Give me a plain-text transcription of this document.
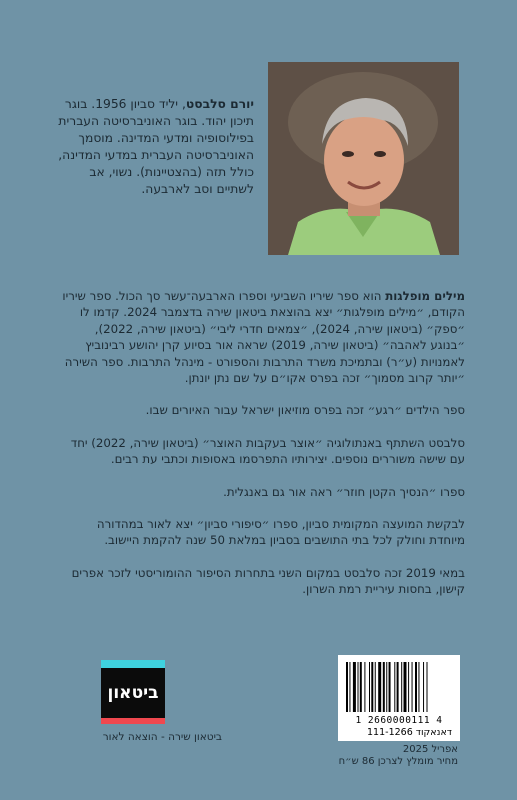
יורם סלבסט, יליד סביון 1956. בוגר תיכון יהוד. בוגר האוניברסיטה העברית בפילוסופיה ומדעי המדינה. מוסמך האוניברסיטה העברית במדעי המדינה, כולל תזה (בהצטיינות). נשוי, אב לשתיים וסב לארבעה.

מילים מופלגות הוא ספר שיריו השביעי וספרו הארבעה־עשר סך הכול. ספר שיריו הקודם, ״מילים מופלגות״ יצא בהוצאת ביטאון שירה בדצמבר 2024. קדמו לו ״ספק״ (ביטאון שירה, 2024), ״צמאים חדרי ליבי״ (ביטאון שירה, 2022), ״בנוגע לאהבה״ (ביטאון שירה, 2019) שראה אור בסיוע קרן יהושע רבינוביץ לאמנויות (ע״ר) ובתמיכת משרד התרבות והספורט - מינהל התרבות. ספר השירה ״יותר קרוב מסמוך״ זכה בפרס אקו״ם על שם נתן יונתן.

ספר הילדים ״רגע״ זכה בפרס מוזיאון ישראל עבור האיורים שבו.

סלבסט השתתף באנתולוגיה ״אוצר בעקבות האוצר״ (ביטאון שירה, 2022) יחד עם שישה משוררים נוספים. יצירותיו התפרסמו באסופות וכתבי עת רבים.

ספרו ״הנסיך הקטן חוזר״ ראה אור גם באנגלית.

לבקשת המועצה המקומית סביון, ספרו ״סיפורי סביון״ יצא לאור במהדורה מיוחדת וחולק לכל בתי התושבים בסביון במלאת 50 שנה להקמת היישוב.

במאי 2019 זכה סלבסט במקום השני בתחרות הסיפור ההומוריסטי לזכר אפרים קישון, בחסות עיריית רמת השרון.

ביטאון
ביטאון שירה - הוצאה לאור
1 2660000111 4
דאנאקוד 111-1266
אפריל 2025
מחיר מומלץ לצרכן 86 ש״ח
